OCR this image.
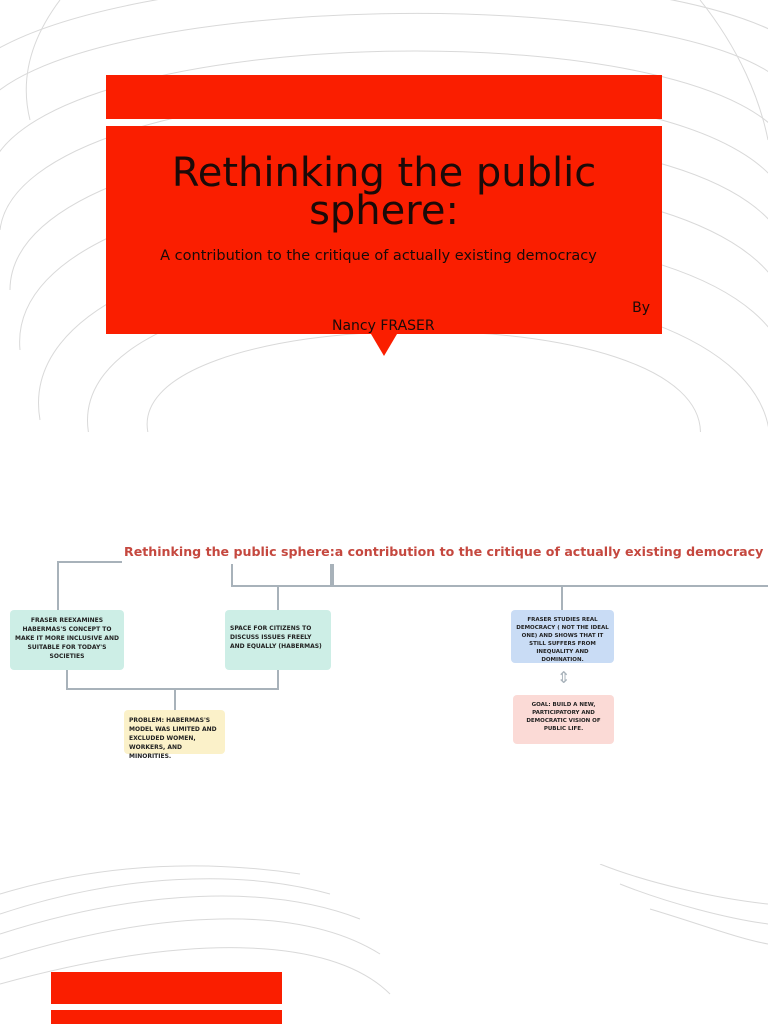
Rethinking the public sphere:
A contribution to the critique of actually existing democracy
By
Nancy FRASER
Rethinking the public sphere:a contribution to the critique of actually existing democracy
FRASER REEXAMINES HABERMAS'S CONCEPT TO MAKE IT MORE INCLUSIVE AND SUITABLE FOR TODAY'S SOCIETIES
SPACE FOR CITIZENS TO DISCUSS ISSUES FREELY AND EQUALLY (HABERMAS)
PROBLEM: HABERMAS'S MODEL WAS LIMITED AND EXCLUDED WOMEN, WORKERS, AND MINORITIES.
FRASER STUDIES REAL DEMOCRACY ( NOT THE IDEAL ONE) AND SHOWS THAT IT STILL SUFFERS FROM INEQUALITY AND DOMINATION.
⇕
GOAL: BUILD A NEW, PARTICIPATORY AND DEMOCRATIC VISION OF PUBLIC LIFE.
